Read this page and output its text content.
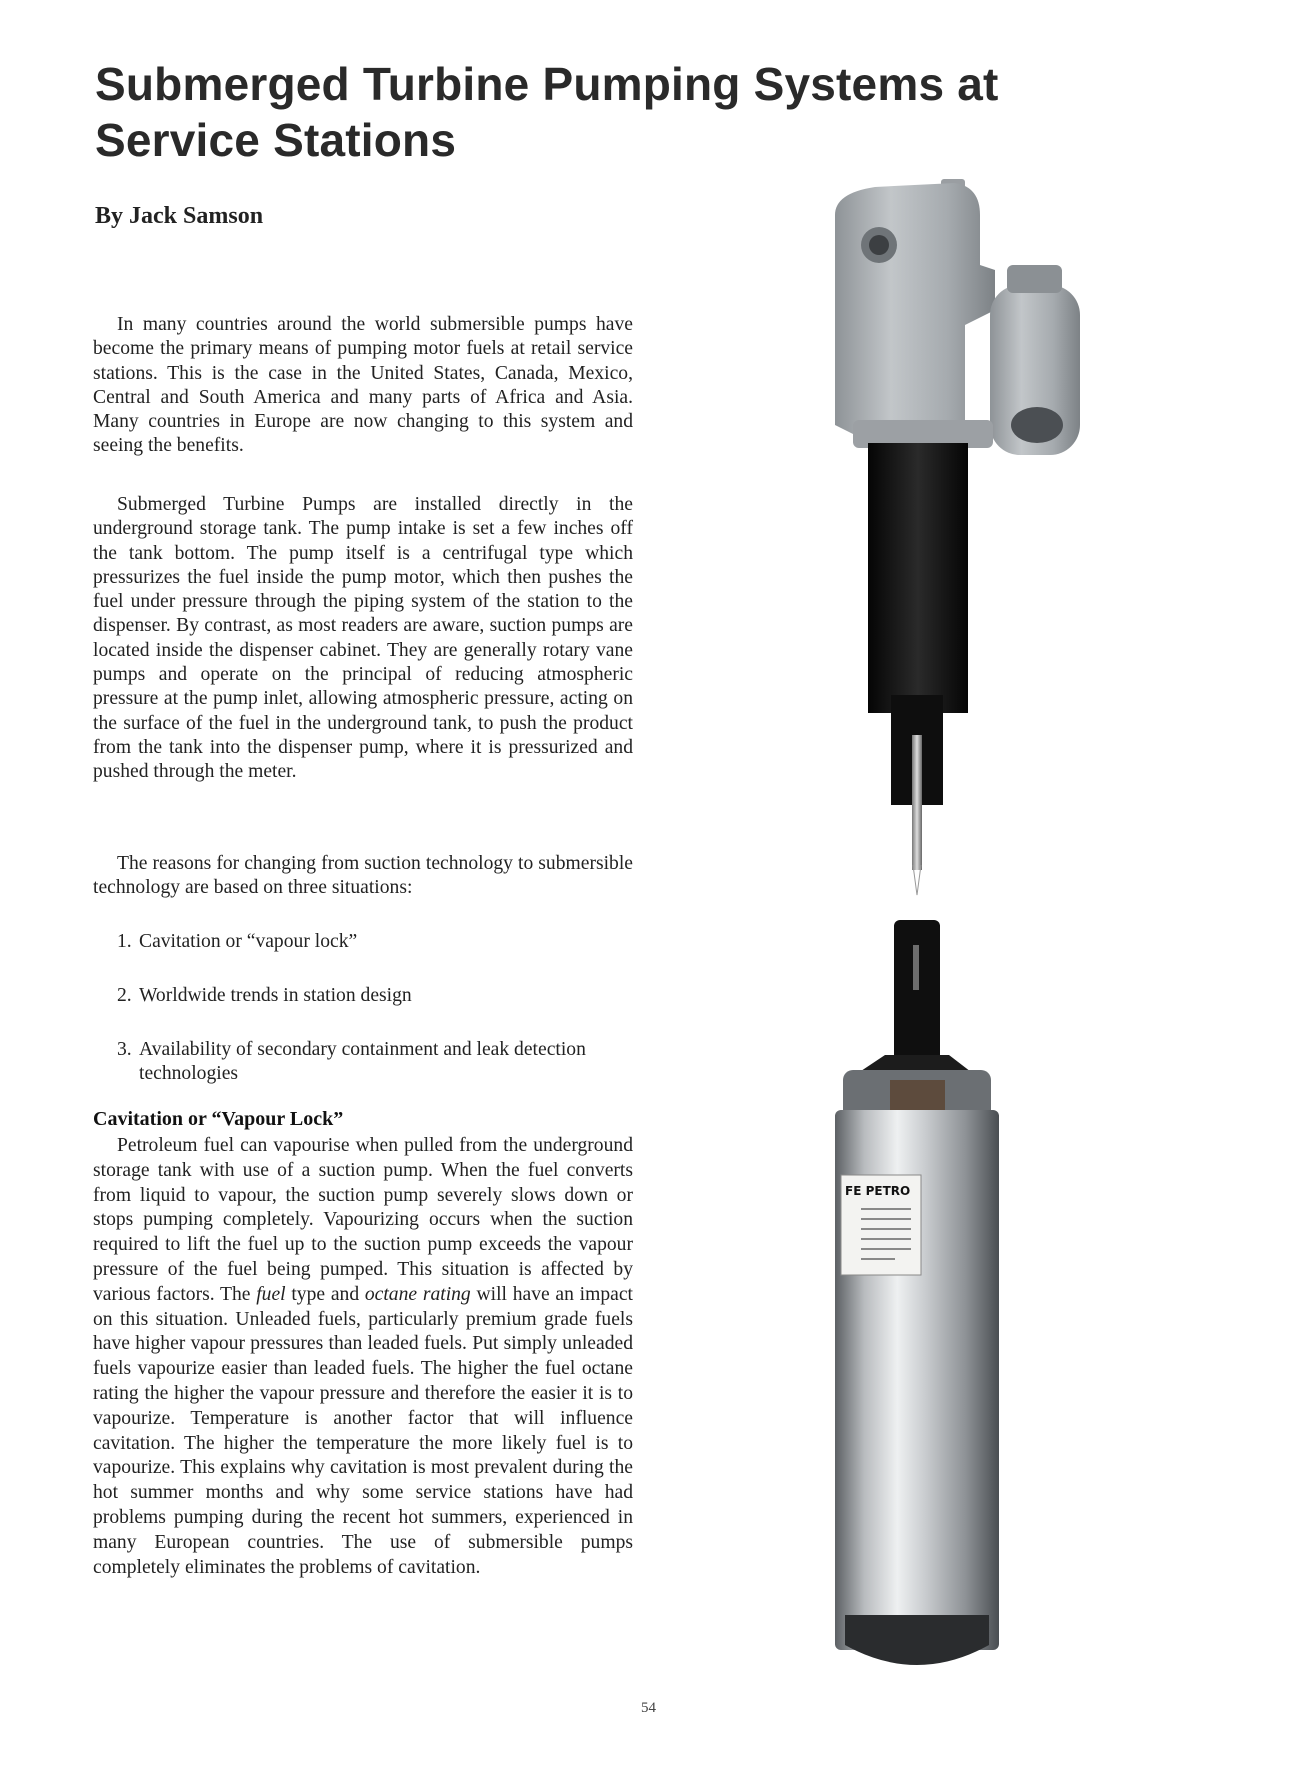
Submerged Turbine Pumping Systems at
Service Stations

By Jack Samson

In many countries around the world submersible pumps have become the primary means of pumping motor fuels at retail service stations. This is the case in the United States, Canada, Mexico, Central and South America and many parts of Africa and Asia. Many countries in Europe are now changing to this system and seeing the benefits.

Submerged Turbine Pumps are installed directly in the underground storage tank. The pump intake is set a few inches off the tank bottom. The pump itself is a centrifugal type which pressurizes the fuel inside the pump motor, which then pushes the fuel under pressure through the piping system of the station to the dispenser. By contrast, as most readers are aware, suction pumps are located inside the dispenser cabinet. They are generally rotary vane pumps and operate on the principal of reducing atmospheric pressure at the pump inlet, allowing atmospheric pressure, acting on the surface of the fuel in the underground tank, to push the product from the tank into the dispenser pump, where it is pressurized and pushed through the meter.

The reasons for changing from suction technology to submersible technology are based on three situations:

1. Cavitation or “vapour lock”
2. Worldwide trends in station design
3. Availability of secondary containment and leak detection technologies
Cavitation or “Vapour Lock”

Petroleum fuel can vapourise when pulled from the underground storage tank with use of a suction pump. When the fuel converts from liquid to vapour, the suction pump severely slows down or stops pumping completely. Vapourizing occurs when the suction required to lift the fuel up to the suction pump exceeds the vapour pressure of the fuel being pumped. This situation is affected by various factors. The fuel type and octane rating will have an impact on this situation. Unleaded fuels, particularly premium grade fuels have higher vapour pressures than leaded fuels. Put simply unleaded fuels vapourize easier than leaded fuels. The higher the fuel octane rating the higher the vapour pressure and therefore the easier it is to vapourize. Temperature is another factor that will influence cavitation. The higher the temperature the more likely fuel is to vapourize. This explains why cavitation is most prevalent during the hot summer months and why some service stations have had problems pumping during the recent hot summers, experienced in many European countries. The use of submersible pumps completely eliminates the problems of cavitation.

54
FE PETRO
